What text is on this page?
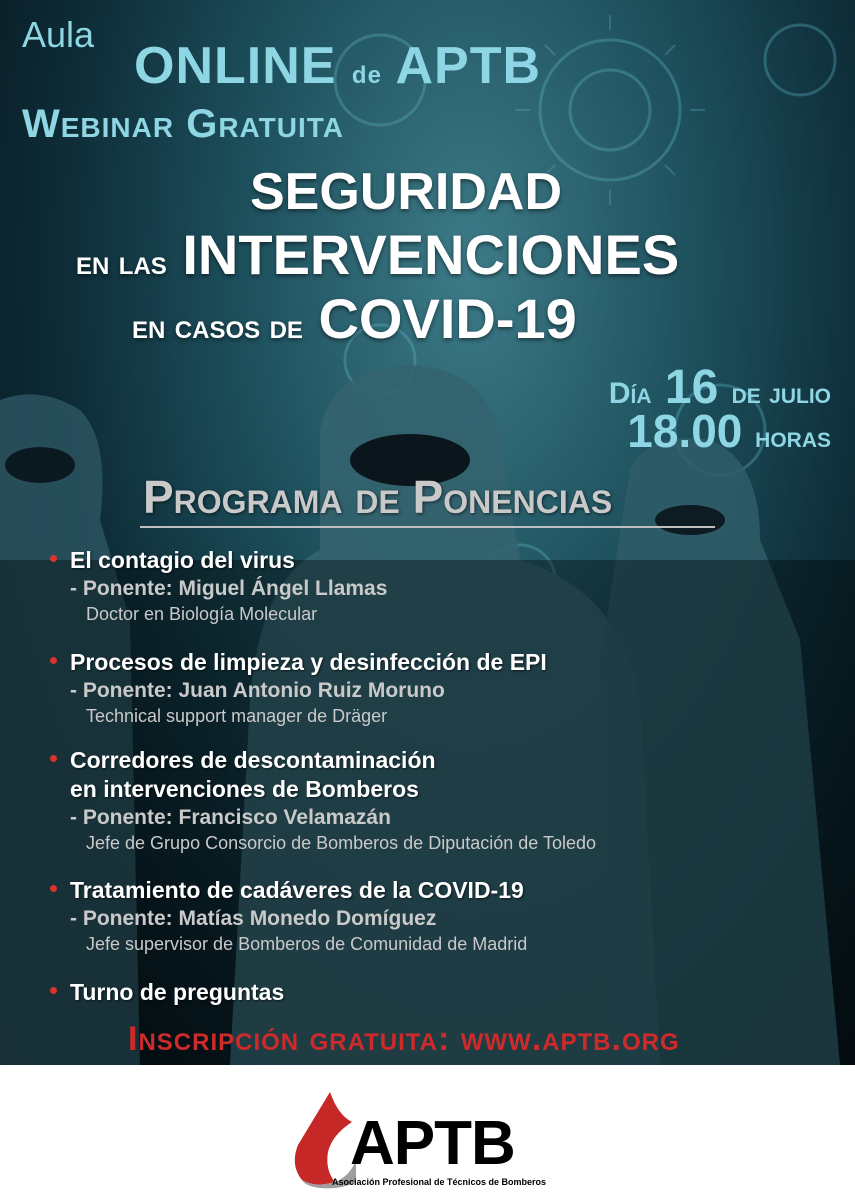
Aula

ONLINE de APTB

Webinar Gratuita

SEGURIDAD

en las INTERVENCIONES

en casos de COVID-19

Día 16 de julio

18.00 horas

Programa de Ponencias

El contagio del virus
- Ponente: Miguel Ángel Llamas
Doctor en Biología Molecular
Procesos de limpieza y desinfección de EPI
- Ponente: Juan Antonio Ruiz Moruno
Technical support manager de Dräger
Corredores de descontaminación
en intervenciones de Bomberos
- Ponente: Francisco Velamazán
Jefe de Grupo Consorcio de Bomberos de Diputación de Toledo
Tratamiento de cadáveres de la COVID-19
- Ponente: Matías Monedo Domíguez
Jefe supervisor de Bomberos de Comunidad de Madrid
Turno de preguntas

Inscripción gratuita: www.aptb.org

APTB
Asociación Profesional de Técnicos de Bomberos
